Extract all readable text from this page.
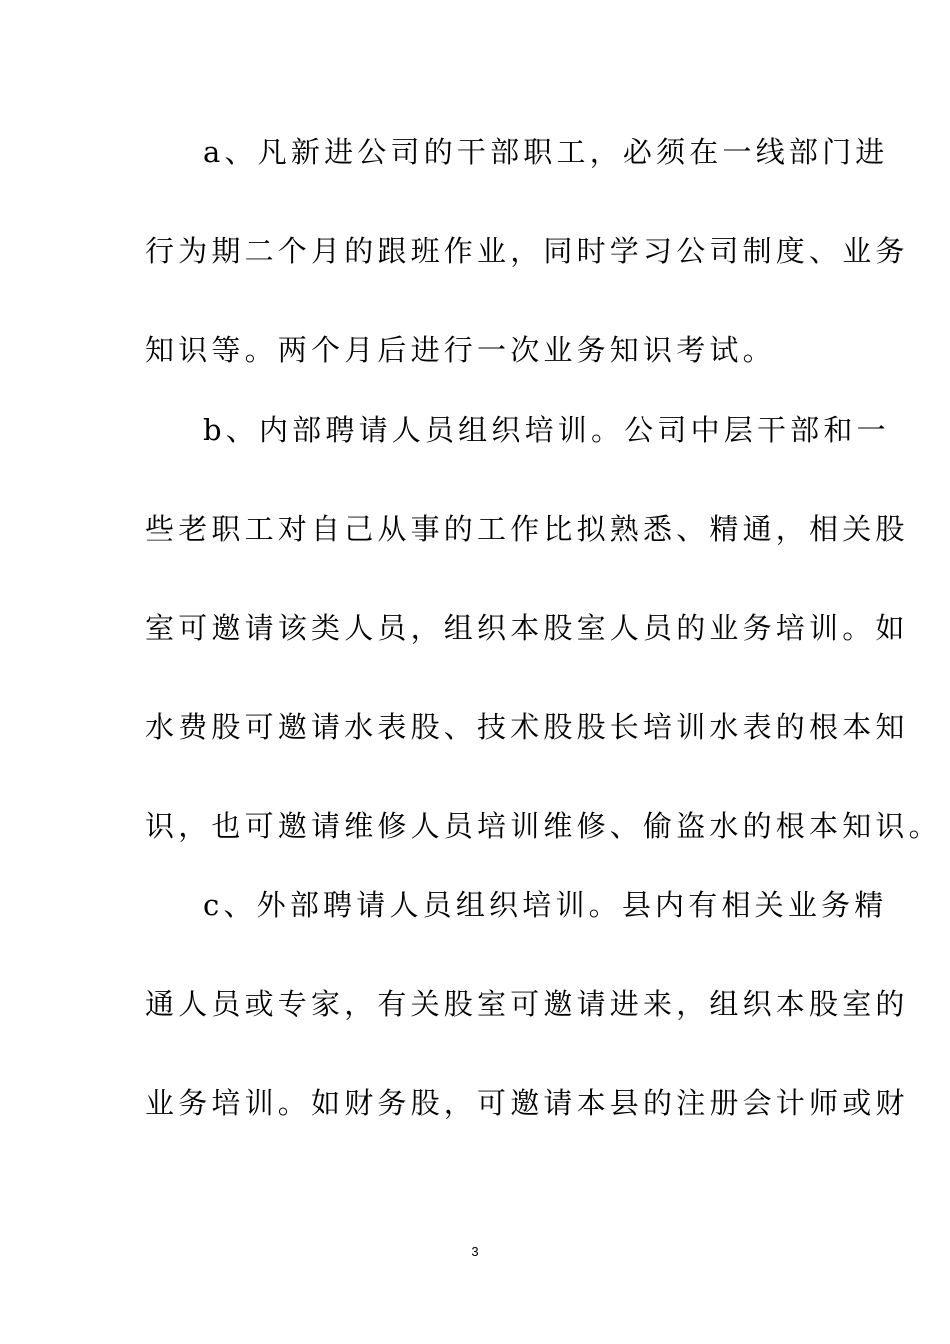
a、凡新进公司的干部职工，必须在一线部门进
行为期二个月的跟班作业，同时学习公司制度、业务
知识等。两个月后进行一次业务知识考试。
b、内部聘请人员组织培训。公司中层干部和一
些老职工对自己从事的工作比拟熟悉、精通，相关股
室可邀请该类人员，组织本股室人员的业务培训。如
水费股可邀请水表股、技术股股长培训水表的根本知
识，也可邀请维修人员培训维修、偷盗水的根本知识。
c、外部聘请人员组织培训。县内有相关业务精
通人员或专家，有关股室可邀请进来，组织本股室的
业务培训。如财务股，可邀请本县的注册会计师或财
3
